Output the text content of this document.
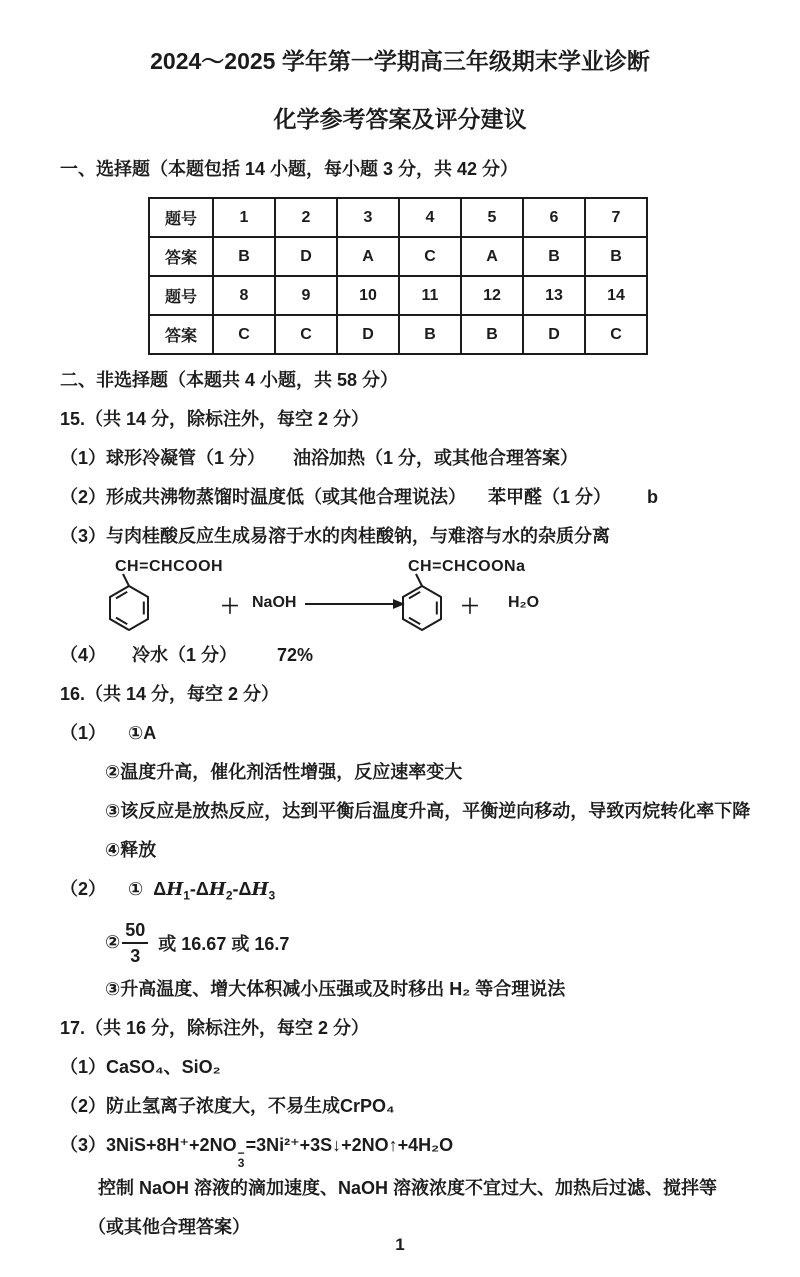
2024～2025 学年第一学期高三年级期末学业诊断

化学参考答案及评分建议

一、选择题（本题包括 14 小题，每小题 3 分，共 42 分）

题号	1	2	3	4	5	6	7
答案	B	D	A	C	A	B	B
题号	8	9	10	11	12	13	14
答案	C	C	D	B	B	D	C

二、非选择题（本题共 4 小题，共 58 分）

15.（共 14 分，除标注外，每空 2 分）

（1）球形冷凝管（1 分） 油浴加热（1 分，或其他合理答案）

（2）形成共沸物蒸馏时温度低（或其他合理说法） 苯甲醛（1 分） b

（3）与肉桂酸反应生成易溶于水的肉桂酸钠，与难溶与水的杂质分离

CH=CHCOOH
＋ NaOH
CH=CHCOONa
＋ H₂O

（4） 冷水（1 分） 72%

16.（共 14 分，每空 2 分）

（1） ①A

②温度升高，催化剂活性增强，反应速率变大

③该反应是放热反应，达到平衡后温度升高，平衡逆向移动，导致丙烷转化率下降

④释放

（2） ① $\Delta H_1-\Delta H_2-\Delta H_3$

② $\frac{50}{3}$ 或 16.67 或 16.7

③升高温度、增大体积减小压强或及时移出 H₂ 等合理说法

17.（共 16 分，除标注外，每空 2 分）

（1）CaSO₄、SiO₂

（2）防止氢离子浓度大，不易生成CrPO₄

（3）3NiS+8H⁺+2NO −
3
=3Ni²⁺+3S↓+2NO↑+4H₂O

控制 NaOH 溶液的滴加速度、NaOH 溶液浓度不宜过大、加热后过滤、搅拌等（或其他合理答案）

1
